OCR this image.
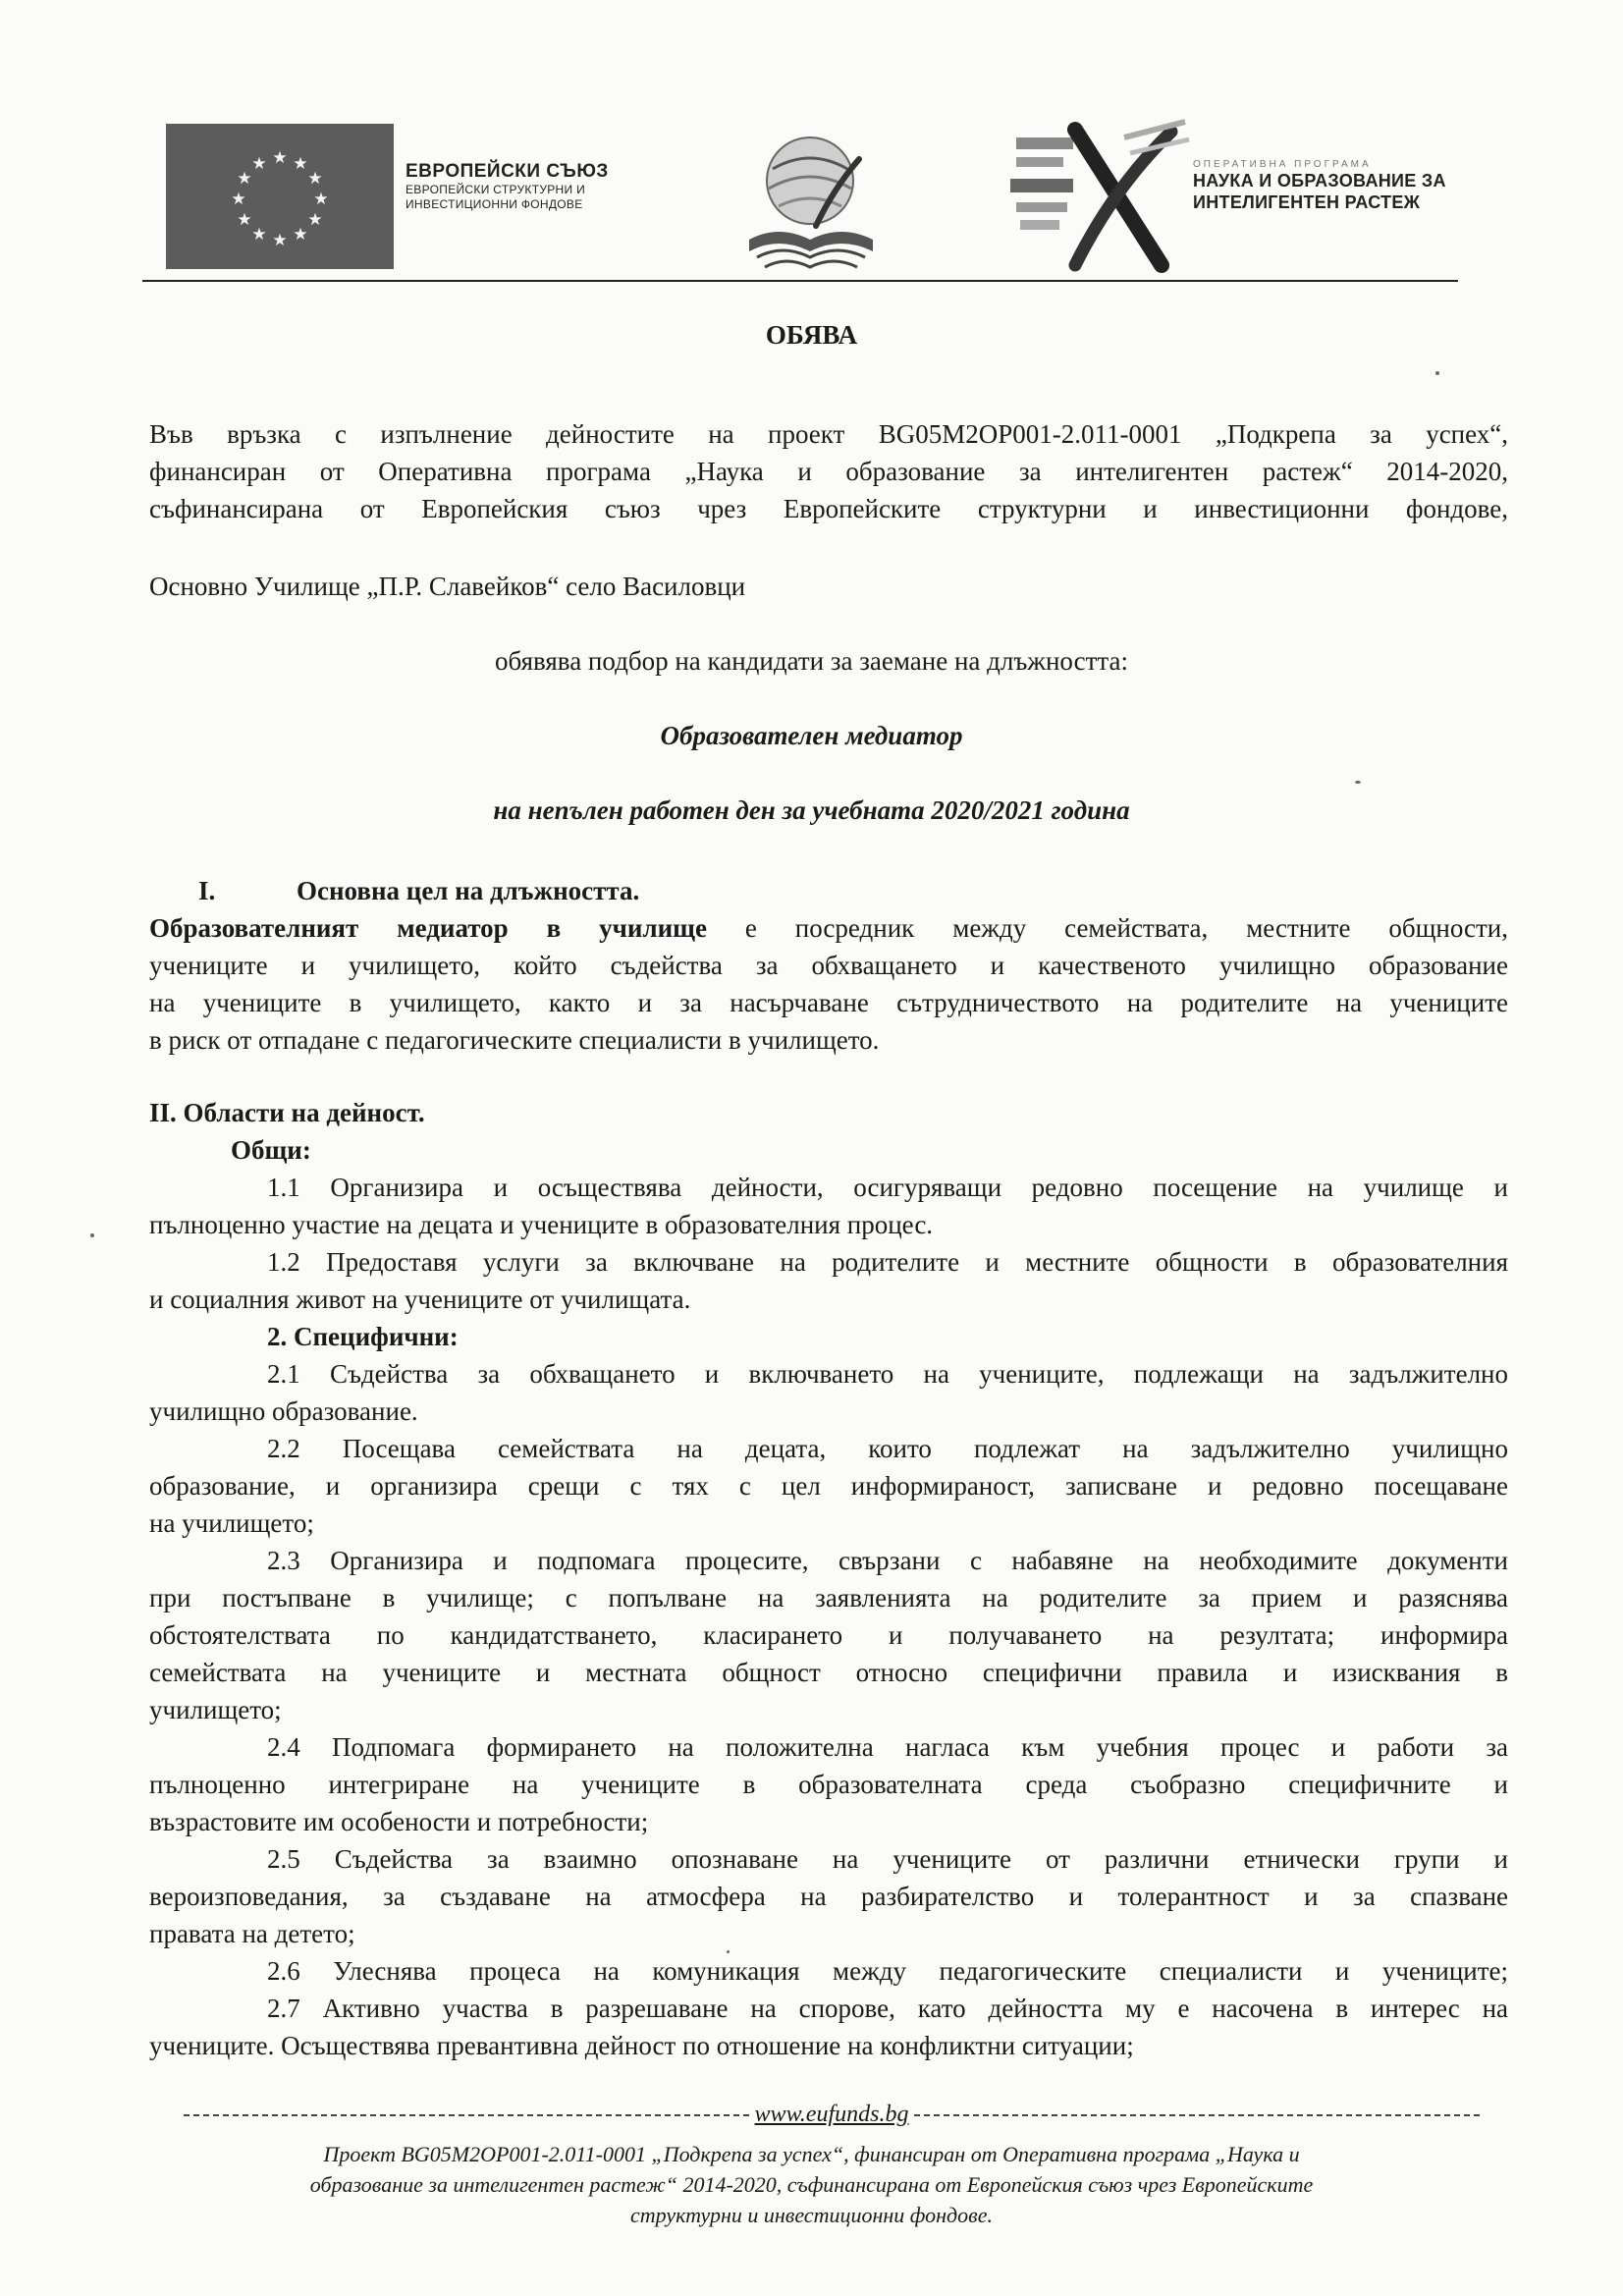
★ ★
★
★
★
★
★
★
★
★
★
★	ЕВРОПЕЙСКИ СЪЮЗ
ЕВРОПЕЙСКИ СТРУКТУРНИ И
ИНВЕСТИЦИОННИ ФОНДОВЕ
ОПЕРАТИВНА ПРОГРАМА
НАУКА И ОБРАЗОВАНИЕ ЗА
ИНТЕЛИГЕНТЕН РАСТЕЖ
ОБЯВА
Във връзка с изпълнение дейностите на проект BG05M2OP001-2.011-0001 „Подкрепа за успех“,
финансиран от Оперативна програма „Наука и образование за интелигентен растеж“ 2014-2020,
съфинансирана от Европейския съюз чрез Европейските структурни и инвестиционни фондове,
Основно Училище „П.Р. Славейков“ село Василовци
обявява подбор на кандидати за заемане на длъжността:
Образователен медиатор
на непълен работен ден за учебната 2020/2021 година
I.	Основна цел на длъжността.
Образователният медиатор в училище е посредник между семействата, местните общности,
учениците и училището, който съдейства за обхващането и качественото училищно образование
на учениците в училището, както и за насърчаване сътрудничеството на родителите на учениците
в риск от отпадане с педагогическите специалисти в училището.
II. Области на дейност.
Общи:
1.1 Организира и осъществява дейности, осигуряващи редовно посещение на училище и
пълноценно участие на децата и учениците в образователния процес.
1.2 Предоставя услуги за включване на родителите и местните общности в образователния
и социалния живот на учениците от училищата.
2. Специфични:
2.1 Съдейства за обхващането и включването на учениците, подлежащи на задължително
училищно образование.
2.2 Посещава семействата на децата, които подлежат на задължително училищно
образование, и организира срещи с тях с цел информираност, записване и редовно посещаване
на училището;
2.3 Организира и подпомага процесите, свързани с набавяне на необходимите документи
при постъпване в училище; с попълване на заявленията на родителите за прием и разяснява
обстоятелствата по кандидатстването, класирането и получаването на резултата; информира
семействата на учениците и местната общност относно специфични правила и изисквания в
училището;
2.4 Подпомага формирането на положителна нагласа към учебния процес и работи за
пълноценно интегриране на учениците в образователната среда съобразно специфичните и
възрастовите им особености и потребности;
2.5 Съдейства за взаимно опознаване на учениците от различни етнически групи и
вероизповедания, за създаване на атмосфера на разбирателство и толерантност и за спазване
правата на детето;
2.6 Улеснява процеса на комуникация между педагогическите специалисти и учениците;
2.7 Активно участва в разрешаване на спорове, като дейността му е насочена в интерес на
учениците. Осъществява превантивна дейност по отношение на конфликтни ситуации;
www.eufunds.bg
Проект BG05M2OP001-2.011-0001 „Подкрепа за успех“, финансиран от Оперативна програма „Наука и
образование за интелигентен растеж“ 2014-2020, съфинансирана от Европейския съюз чрез Европейските
структурни и инвестиционни фондове.
